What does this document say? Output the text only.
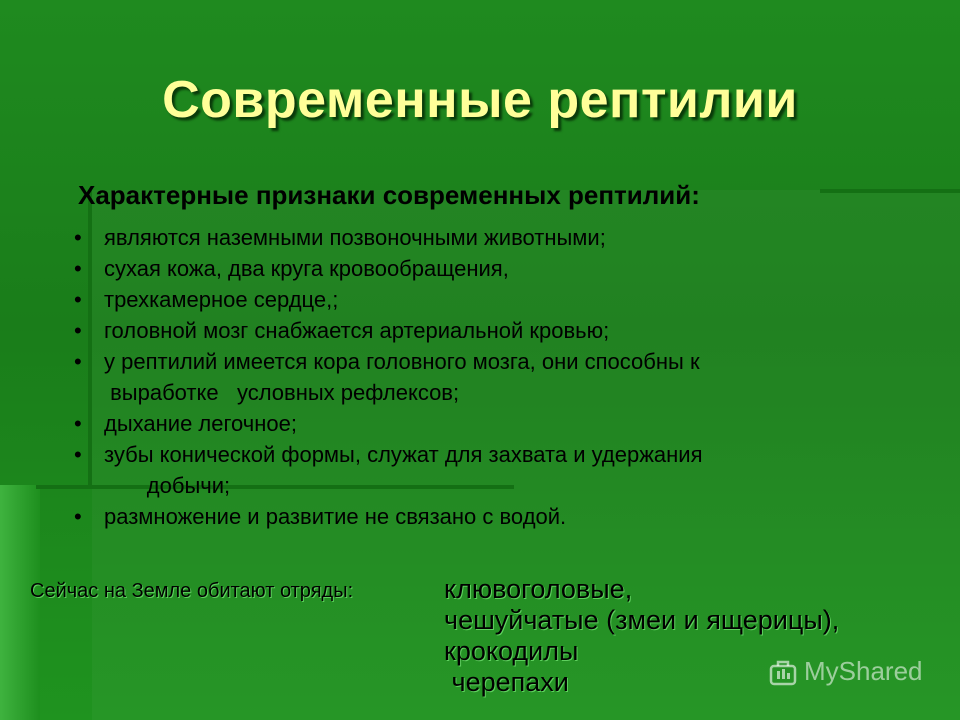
Современные рептилии
Характерные признаки современных рептилий:
• являются наземными позвоночными животными;
• сухая кожа, два круга кровообращения,
• трехкамерное сердце,;
• головной мозг снабжается артериальной кровью;
• у рептилий имеется кора головного мозга, они способны к
выработке   условных рефлексов;
• дыхание легочное;
• зубы конической формы, служат для захвата и удержания
добычи;
• размножение и развитие не связано с водой.
Сейчас на Земле обитают отряды:	клювоголовые,
чешуйчатые (змеи и ящерицы),
крокодилы
черепахи	MyShared
